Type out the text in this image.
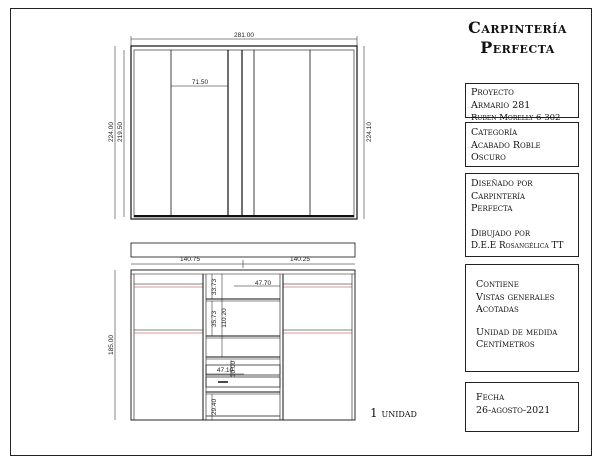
281.00
71.50
224.00 219.50	224.10
140.75	140.25
185.00
33.73	47.70
35.73 110.20
10.00
47.10
29.40	1 unidad
Carpintería
Perfecta
Proyecto
Armario 281
Ruben Morelly 6-302
Categoría
Acabado Roble
Oscuro
Diseñado por
Carpintería
Perfecta
Dibujado por
D.E.E Rosangélica TT
Contiene
Vistas generales
Acotadas
Unidad de medida
Centímetros
Fecha
26-agosto-2021
